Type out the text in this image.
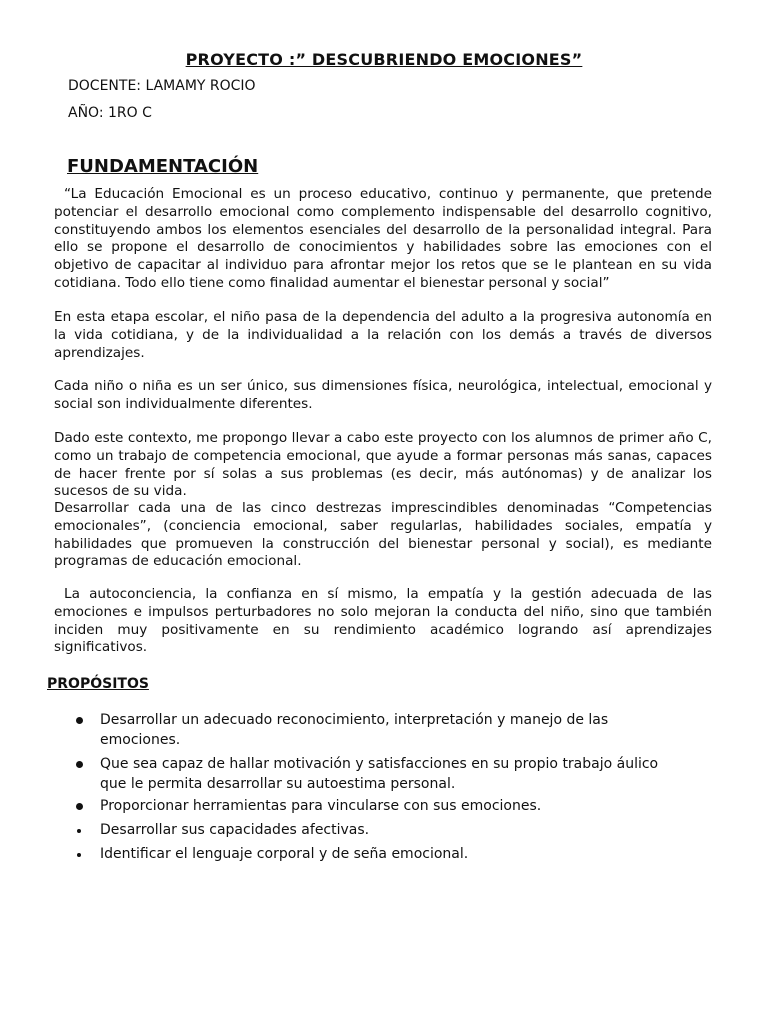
PROYECTO :” DESCUBRIENDO EMOCIONES”
DOCENTE: LAMAMY ROCIO
AÑO: 1RO C
FUNDAMENTACIÓN

“La Educación Emocional es un proceso educativo, continuo y permanente, que pretende potenciar el desarrollo emocional como complemento indispensable del desarrollo cognitivo, constituyendo ambos los elementos esenciales del desarrollo de la personalidad integral. Para ello se propone el desarrollo de conocimientos y habilidades sobre las emociones con el objetivo de capacitar al individuo para afrontar mejor los retos que se le plantean en su vida cotidiana. Todo ello tiene como finalidad aumentar el bienestar personal y social”

En esta etapa escolar, el niño pasa de la dependencia del adulto a la progresiva autonomía en la vida cotidiana, y de la individualidad a la relación con los demás a través de diversos aprendizajes.

Cada niño o niña es un ser único, sus dimensiones física, neurológica, intelectual, emocional y social son individualmente diferentes.

Dado este contexto, me propongo llevar a cabo este proyecto con los alumnos de primer año C, como un trabajo de competencia emocional, que ayude a formar personas más sanas, capaces de hacer frente por sí solas a sus problemas (es decir, más autónomas) y de analizar los sucesos de su vida.

Desarrollar cada una de las cinco destrezas imprescindibles denominadas “Competencias emocionales”, (conciencia emocional, saber regularlas, habilidades sociales, empatía y habilidades que promueven la construcción del bienestar personal y social), es mediante programas de educación emocional.

La autoconciencia, la confianza en sí mismo, la empatía y la gestión adecuada de las emociones e impulsos perturbadores no solo mejoran la conducta del niño, sino que también inciden muy positivamente en su rendimiento académico logrando así aprendizajes significativos.

PROPÓSITOS
Desarrollar un adecuado reconocimiento, interpretación y manejo de las emociones.
Que sea capaz de hallar motivación y satisfacciones en su propio trabajo áulico que le permita desarrollar su autoestima personal.
Proporcionar herramientas para vincularse con sus emociones.
Desarrollar sus capacidades afectivas.
Identificar el lenguaje corporal y de seña emocional.
